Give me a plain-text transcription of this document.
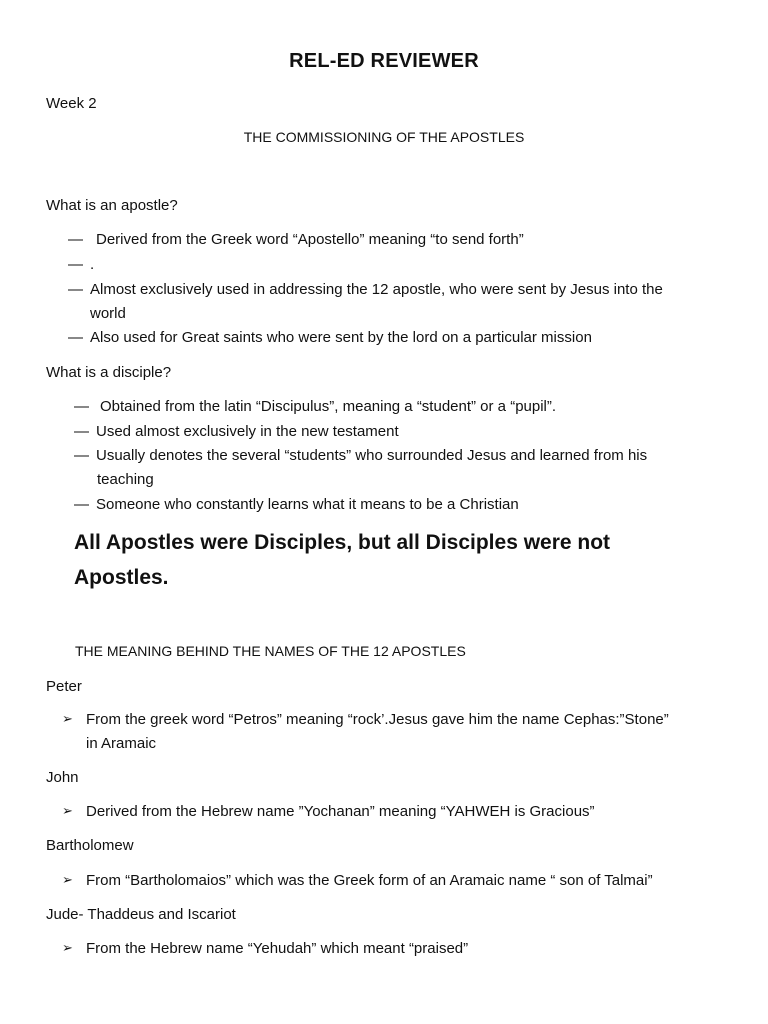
REL-ED REVIEWER
Week 2
THE COMMISSIONING OF THE APOSTLES
What is an apostle?
— Derived from the Greek word “Apostello” meaning “to send forth”
— .
— Almost exclusively used in addressing the 12 apostle, who were sent by Jesus into the
world
— Also used for Great saints who were sent by the lord on a particular mission
What is a disciple?
— Obtained from the latin “Discipulus”, meaning a “student” or a “pupil”.
— Used almost exclusively in the new testament
— Usually denotes the several “students” who surrounded Jesus and learned from his
teaching
— Someone who constantly learns what it means to be a Christian
All Apostles were Disciples, but all Disciples were not
Apostles.
THE MEANING BEHIND THE NAMES OF THE 12 APOSTLES
Peter
➢ From the greek word “Petros” meaning “rock’.Jesus gave him the name Cephas:”Stone”
in Aramaic
John
➢ Derived from the Hebrew name ”Yochanan” meaning “YAHWEH is Gracious”
Bartholomew
➢ From “Bartholomaios” which was the Greek form of an Aramaic name “ son of Talmai”
Jude- Thaddeus and Iscariot
➢ From the Hebrew name “Yehudah” which meant “praised”
